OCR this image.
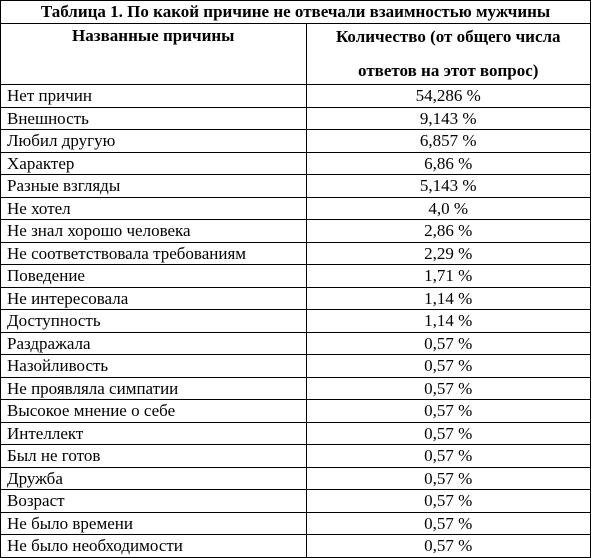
Таблица 1. По какой причине не отвечали взаимностью мужчины
Названные причины	Количество (от общего числа
ответов на этот вопрос)

Нет причин	54,286 %
Внешность	9,143 %
Любил другую	6,857 %
Характер	6,86 %
Разные взгляды	5,143 %
Не хотел	4,0 %
Не знал хорошо человека	2,86 %
Не соответствовала требованиям	2,29 %
Поведение	1,71 %
Не интересовала	1,14 %
Доступность	1,14 %
Раздражала	0,57 %
Назойливость	0,57 %
Не проявляла симпатии	0,57 %
Высокое мнение о себе	0,57 %
Интеллект	0,57 %
Был не готов	0,57 %
Дружба	0,57 %
Возраст	0,57 %
Не было времени	0,57 %
Не было необходимости	0,57 %
